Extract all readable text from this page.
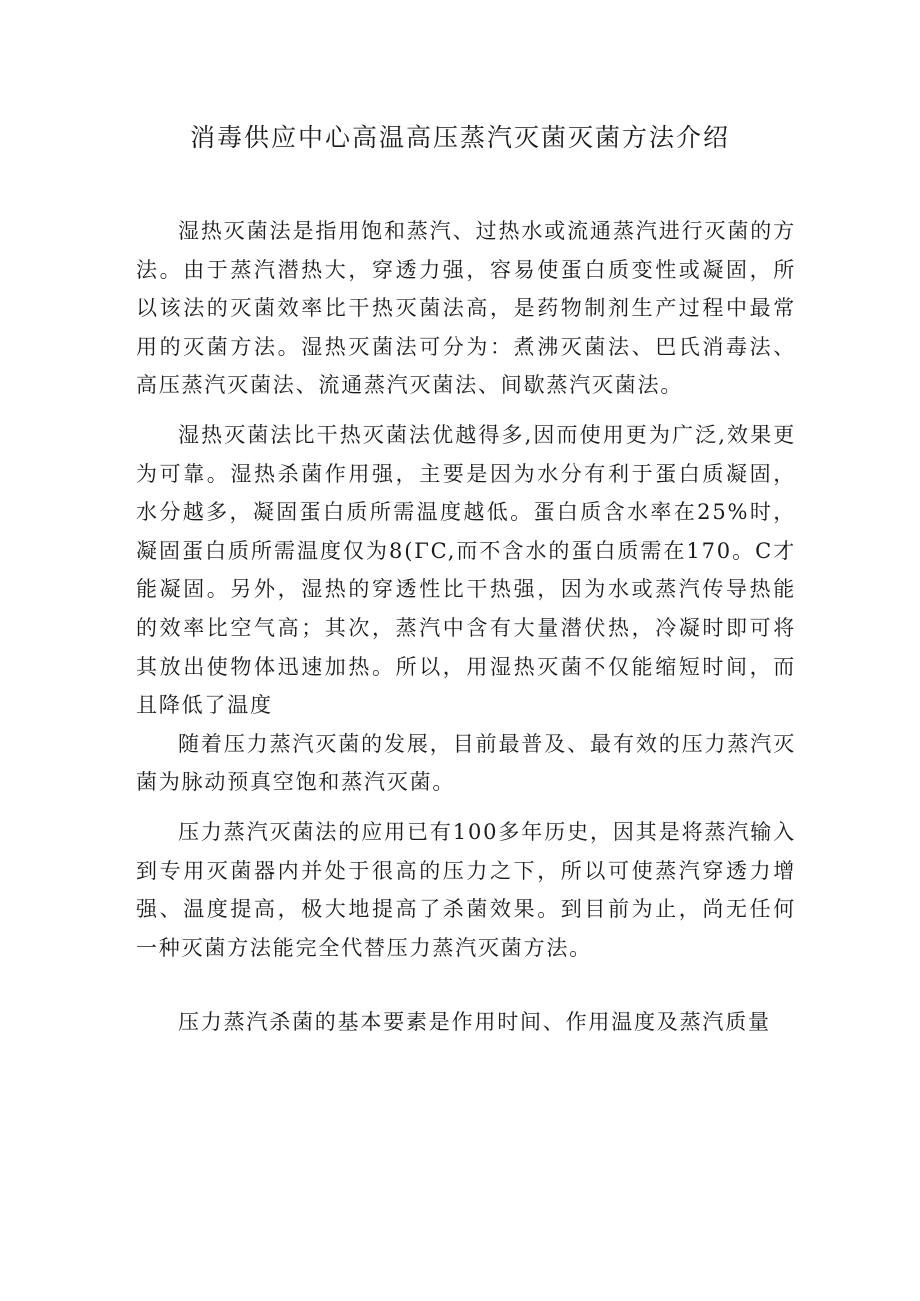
消毒供应中心高温高压蒸汽灭菌灭菌方法介绍

湿热灭菌法是指用饱和蒸汽、过热水或流通蒸汽进行灭菌的方法。由于蒸汽潜热大，穿透力强，容易使蛋白质变性或凝固，所以该法的灭菌效率比干热灭菌法高，是药物制剂生产过程中最常用的灭菌方法。湿热灭菌法可分为：煮沸灭菌法、巴氏消毒法、高压蒸汽灭菌法、流通蒸汽灭菌法、间歇蒸汽灭菌法。

湿热灭菌法比干热灭菌法优越得多,因而使用更为广泛,效果更为可靠。湿热杀菌作用强，主要是因为水分有利于蛋白质凝固，水分越多，凝固蛋白质所需温度越低。蛋白质含水率在25%时，凝固蛋白质所需温度仅为8(ΓC,而不含水的蛋白质需在170。C才能凝固。另外，湿热的穿透性比干热强，因为水或蒸汽传导热能的效率比空气高；其次，蒸汽中含有大量潜伏热，冷凝时即可将其放出使物体迅速加热。所以，用湿热灭菌不仅能缩短时间，而且降低了温度

随着压力蒸汽灭菌的发展，目前最普及、最有效的压力蒸汽灭菌为脉动预真空饱和蒸汽灭菌。

压力蒸汽灭菌法的应用已有100多年历史，因其是将蒸汽输入到专用灭菌器内并处于很高的压力之下，所以可使蒸汽穿透力增强、温度提高，极大地提高了杀菌效果。到目前为止，尚无任何一种灭菌方法能完全代替压力蒸汽灭菌方法。

压力蒸汽杀菌的基本要素是作用时间、作用温度及蒸汽质量
